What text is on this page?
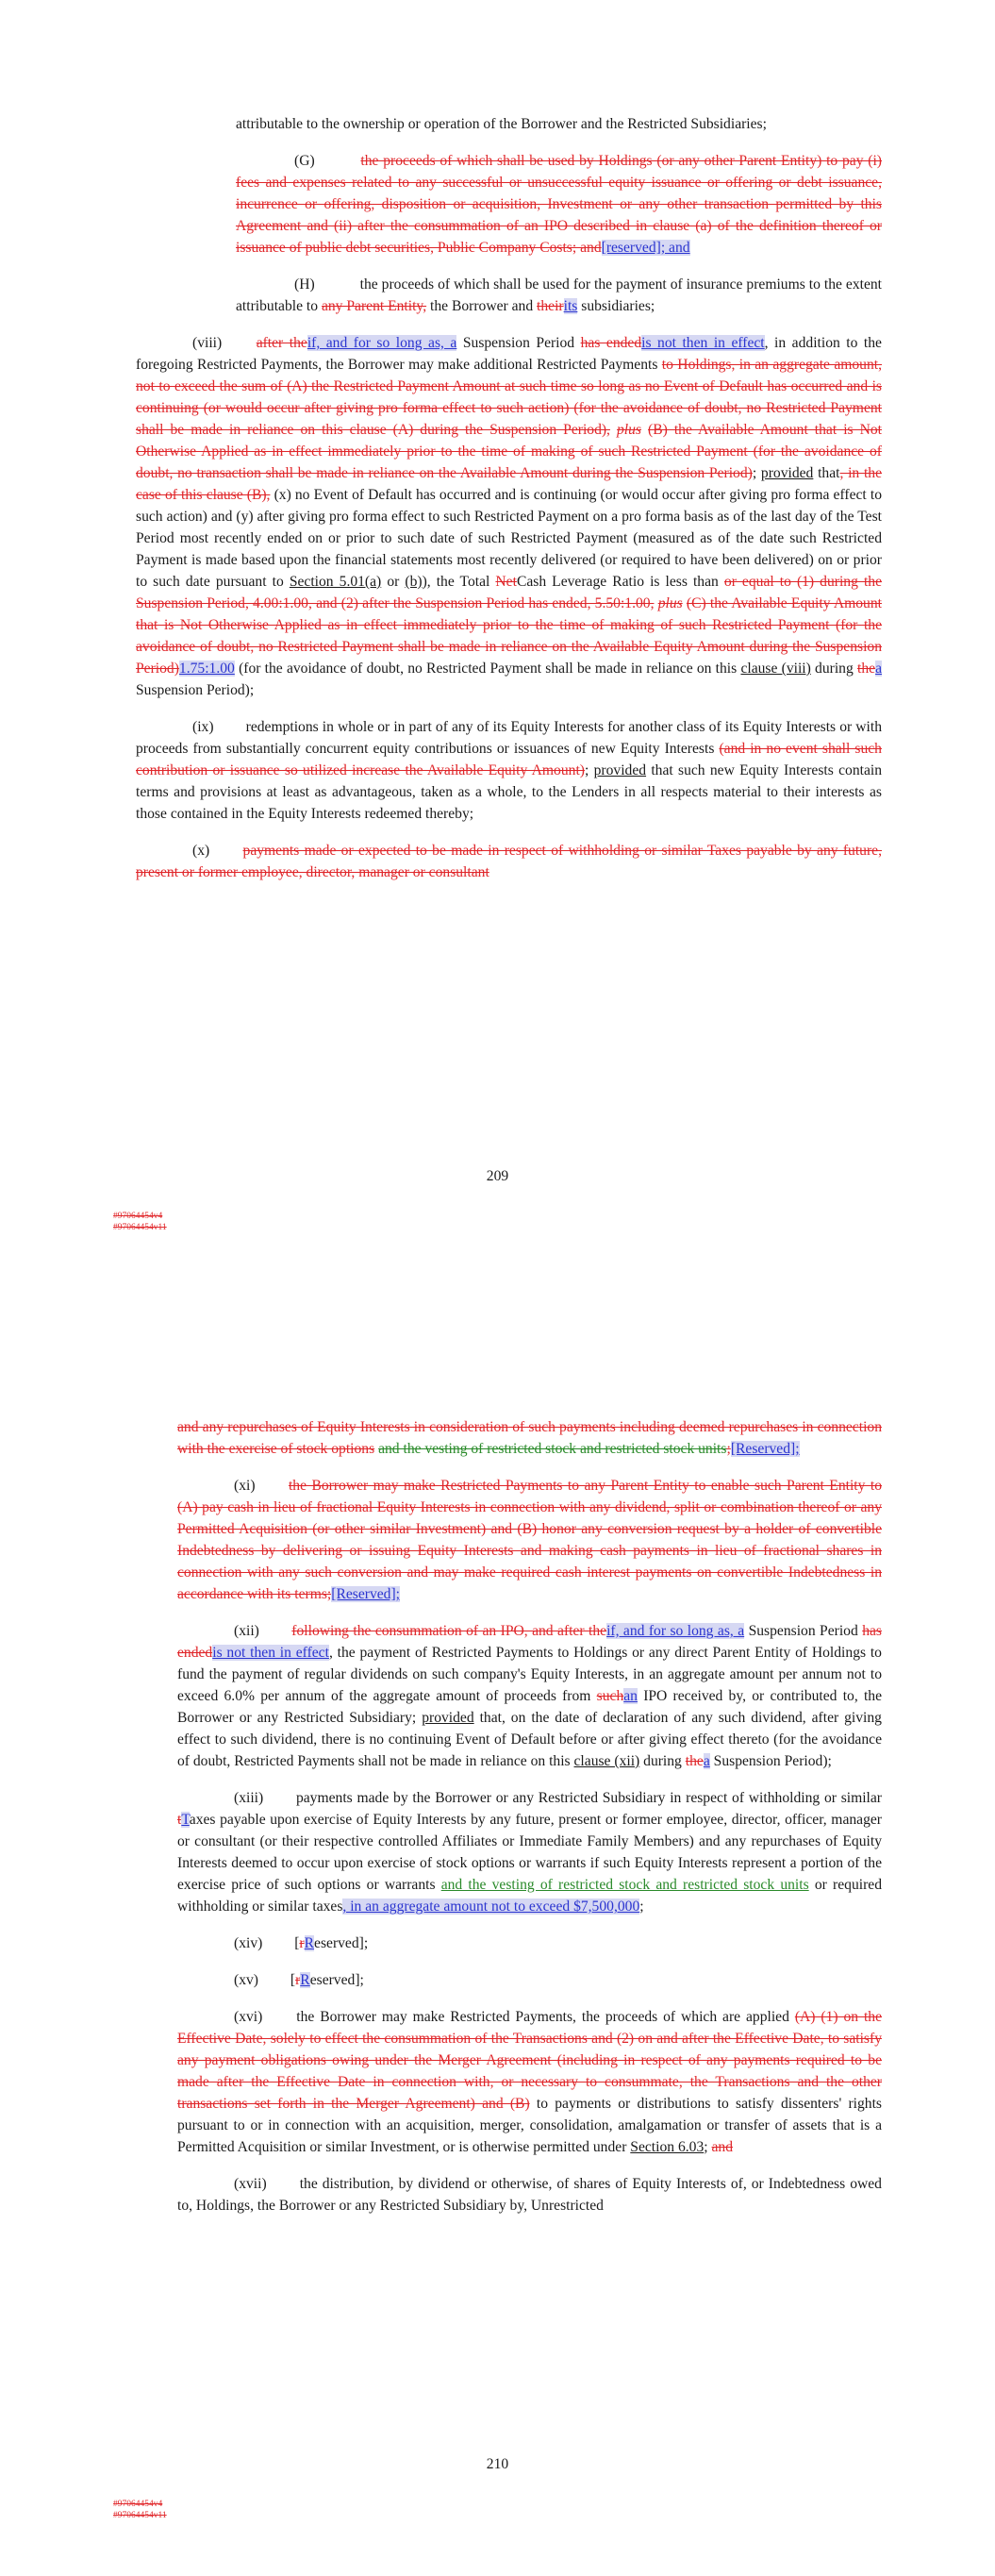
attributable to the ownership or operation of the Borrower and the Restricted Subsidiaries;

(G)	the proceeds of which shall be used by Holdings (or any other Parent Entity) to pay (i) fees and expenses related to any successful or unsuccessful equity issuance or offering or debt issuance, incurrence or offering, disposition or acquisition, Investment or any other transaction permitted by this Agreement and (ii) after the consummation of an IPO described in clause (a) of the definition thereof or issuance of public debt securities, Public Company Costs; and[reserved]; and

(H)	the proceeds of which shall be used for the payment of insurance premiums to the extent attributable to any Parent Entity, the Borrower and theirits subsidiaries;

(viii) after theif, and for so long as, a Suspension Period has endedis not then in effect, in addition to the foregoing Restricted Payments, the Borrower may make additional Restricted Payments to Holdings, in an aggregate amount, not to exceed the sum of (A) the Restricted Payment Amount at such time so long as no Event of Default has occurred and is continuing (or would occur after giving pro forma effect to such action) (for the avoidance of doubt, no Restricted Payment shall be made in reliance on this clause (A) during the Suspension Period), plus (B) the Available Amount that is Not Otherwise Applied as in effect immediately prior to the time of making of such Restricted Payment (for the avoidance of doubt, no transaction shall be made in reliance on the Available Amount during the Suspension Period); provided that, in the case of this clause (B), (x) no Event of Default has occurred and is continuing (or would occur after giving pro forma effect to such action) and (y) after giving pro forma effect to such Restricted Payment on a pro forma basis as of the last day of the Test Period most recently ended on or prior to such date of such Restricted Payment (measured as of the date such Restricted Payment is made based upon the financial statements most recently delivered (or required to have been delivered) on or prior to such date pursuant to Section 5.01(a) or (b)), the Total NetCash Leverage Ratio is less than or equal to (1) during the Suspension Period, 4.00:1.00, and (2) after the Suspension Period has ended, 5.50:1.00, plus (C) the Available Equity Amount that is Not Otherwise Applied as in effect immediately prior to the time of making of such Restricted Payment (for the avoidance of doubt, no Restricted Payment shall be made in reliance on the Available Equity Amount during the Suspension Period)1.75:1.00 (for the avoidance of doubt, no Restricted Payment shall be made in reliance on this clause (viii) during thea Suspension Period);

(ix) redemptions in whole or in part of any of its Equity Interests for another class of its Equity Interests or with proceeds from substantially concurrent equity contributions or issuances of new Equity Interests (and in no event shall such contribution or issuance so utilized increase the Available Equity Amount); provided that such new Equity Interests contain terms and provisions at least as advantageous, taken as a whole, to the Lenders in all respects material to their interests as those contained in the Equity Interests redeemed thereby;

(x) payments made or expected to be made in respect of withholding or similar Taxes payable by any future, present or former employee, director, manager or consultant

209
#97064454v4
#97064454v11

and any repurchases of Equity Interests in consideration of such payments including deemed repurchases in connection with the exercise of stock options and the vesting of restricted stock and restricted stock units;[Reserved];

(xi) the Borrower may make Restricted Payments to any Parent Entity to enable such Parent Entity to (A) pay cash in lieu of fractional Equity Interests in connection with any dividend, split or combination thereof or any Permitted Acquisition (or other similar Investment) and (B) honor any conversion request by a holder of convertible Indebtedness by delivering or issuing Equity Interests and making cash payments in lieu of fractional shares in connection with any such conversion and may make required cash interest payments on convertible Indebtedness in accordance with its terms;[Reserved];

(xii) following the consummation of an IPO, and after theif, and for so long as, a Suspension Period has endedis not then in effect, the payment of Restricted Payments to Holdings or any direct Parent Entity of Holdings to fund the payment of regular dividends on such company's Equity Interests, in an aggregate amount per annum not to exceed 6.0% per annum of the aggregate amount of proceeds from suchan IPO received by, or contributed to, the Borrower or any Restricted Subsidiary; provided that, on the date of declaration of any such dividend, after giving effect to such dividend, there is no continuing Event of Default before or after giving effect thereto (for the avoidance of doubt, Restricted Payments shall not be made in reliance on this clause (xii) during thea Suspension Period);

(xiii) payments made by the Borrower or any Restricted Subsidiary in respect of withholding or similar tTaxes payable upon exercise of Equity Interests by any future, present or former employee, director, officer, manager or consultant (or their respective controlled Affiliates or Immediate Family Members) and any repurchases of Equity Interests deemed to occur upon exercise of stock options or warrants if such Equity Interests represent a portion of the exercise price of such options or warrants and the vesting of restricted stock and restricted stock units or required withholding or similar taxes, in an aggregate amount not to exceed $7,500,000;

(xiv) [rReserved];

(xv) [rReserved];

(xvi) the Borrower may make Restricted Payments, the proceeds of which are applied (A) (1) on the Effective Date, solely to effect the consummation of the Transactions and (2) on and after the Effective Date, to satisfy any payment obligations owing under the Merger Agreement (including in respect of any payments required to be made after the Effective Date in connection with, or necessary to consummate, the Transactions and the other transactions set forth in the Merger Agreement) and (B) to payments or distributions to satisfy dissenters' rights pursuant to or in connection with an acquisition, merger, consolidation, amalgamation or transfer of assets that is a Permitted Acquisition or similar Investment, or is otherwise permitted under Section 6.03; and

(xvii) the distribution, by dividend or otherwise, of shares of Equity Interests of, or Indebtedness owed to, Holdings, the Borrower or any Restricted Subsidiary by, Unrestricted

210
#97064454v4
#97064454v11
